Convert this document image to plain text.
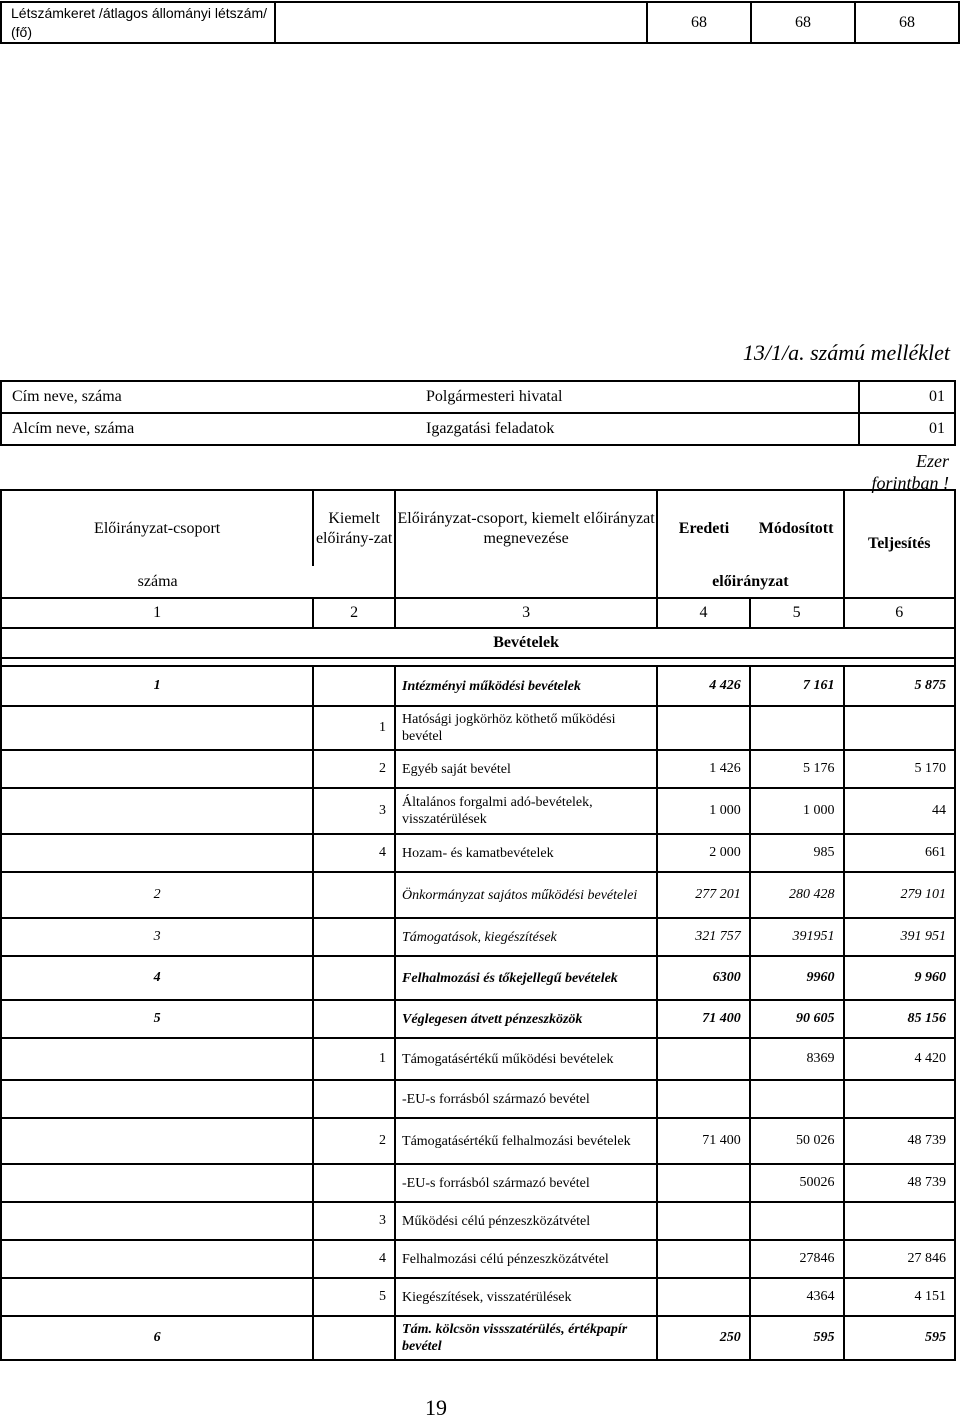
Létszámkeret /átlagos állományi létszám/ (fő)		68	68	68
13/1/a. számú melléklet
Cím neve, száma	Polgármesteri hivatal	01
Alcím neve, száma	Igazgatási feladatok	01
Ezer
forintban !
Előirányzat-csoport	Kiemelt előirány-zat	Előirányzat-csoport, kiemelt előirányzat megnevezése	Eredeti	Módosított	Teljesítés
száma			előirányzat		
1	2	3	4	5	6
		Bevételek			

1		Intézményi működési bevételek	4 426	7 161	5 875
	1	Hatósági jogkörhöz köthető működési bevétel			
	2	Egyéb saját bevétel	1 426	5 176	5 170
	3	Általános forgalmi adó-bevételek, visszatérülések	1 000	1 000	44
	4	Hozam- és kamatbevételek	2 000	985	661
2		Önkormányzat sajátos működési bevételei	277 201	280 428	279 101
3		Támogatások, kiegészítések	321 757	391951	391 951
4		Felhalmozási és tőkejellegű bevételek	6300	9960	9 960
5		Véglegesen átvett pénzeszközök	71 400	90 605	85 156
	1	Támogatásértékű működési bevételek		8369	4 420
		-EU-s forrásból származó bevétel			
	2	Támogatásértékű felhalmozási bevételek	71 400	50 026	48 739
		-EU-s forrásból származó bevétel		50026	48 739
	3	Működési célú pénzeszközátvétel			
	4	Felhalmozási célú pénzeszközátvétel		27846	27 846
	5	Kiegészítések, visszatérülések		4364	4 151
6		Tám. kölcsön vissszatérülés, értékpapír bevétel	250	595	595
19
